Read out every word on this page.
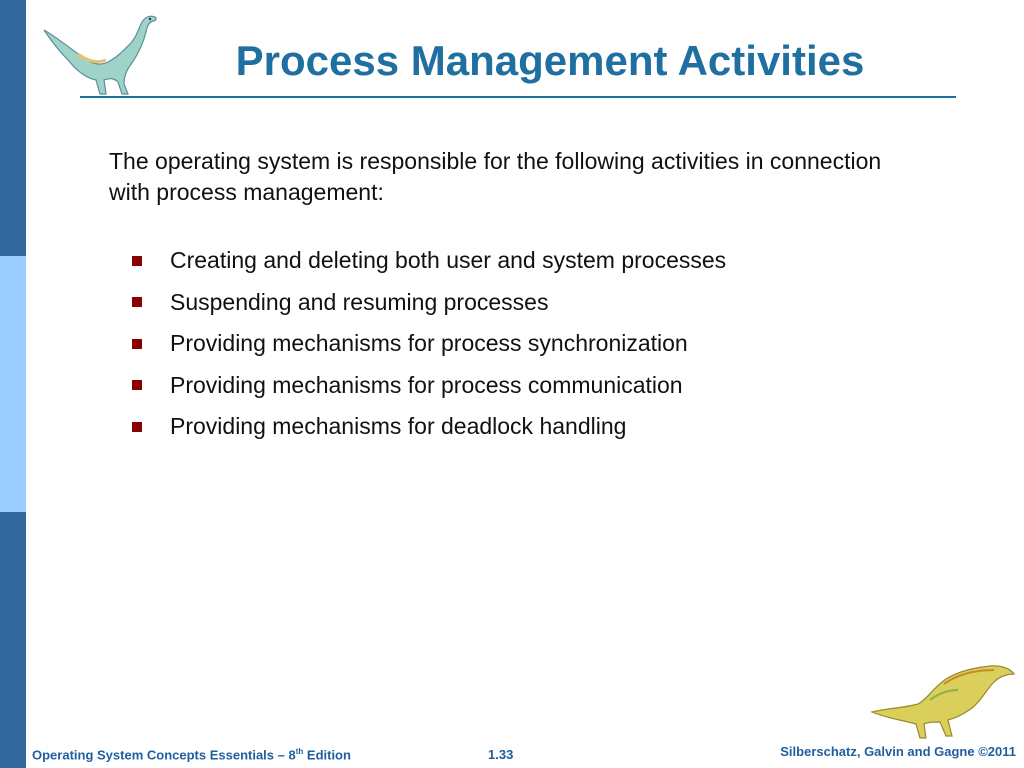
Process Management Activities

The operating system is responsible for the following activities in connection with process management:

Creating and deleting both user and system processes
Suspending and resuming processes
Providing mechanisms for process synchronization
Providing mechanisms for process communication
Providing mechanisms for deadlock handling
Operating System Concepts Essentials – 8th Edition	1.33	Silberschatz, Galvin and Gagne ©2011
